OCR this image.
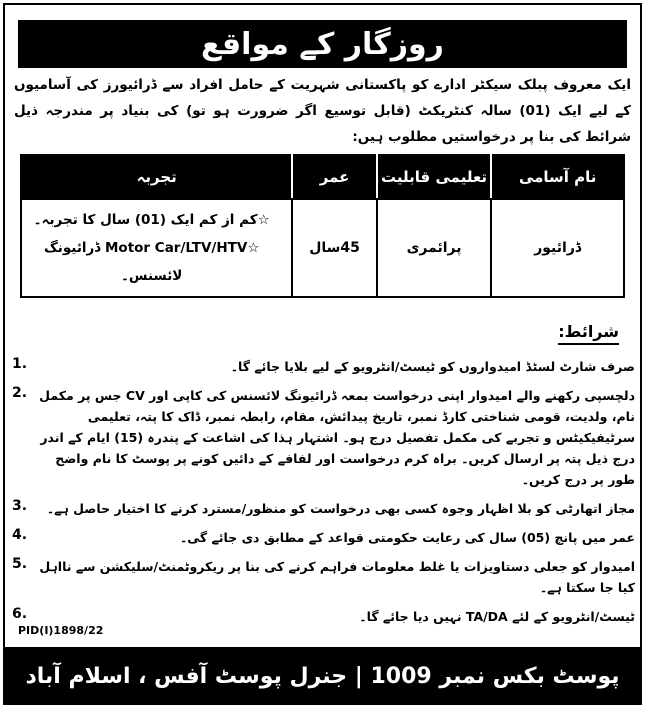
روزگار کے مواقع

ایک معروف پبلک سیکٹر ادارے کو پاکستانی شہریت کے حامل افراد سے ڈرائیورز کی آسامیوں کے لیے ایک (01) سالہ کنٹریکٹ (قابل توسیع اگر ضرورت ہو تو) کی بنیاد پر مندرجہ ذیل شرائط کی بنا پر درخواستیں مطلوب ہیں:

نام آسامی	تعلیمی قابلیت	عمر	تجربہ
ڈرائیور	پرائمری	45سال	☆کم از کم ایک (01) سال کا تجربہ۔
☆Motor Car/LTV/HTV ڈرائیونگ لائسنس۔
شرائط:
صرف شارٹ لسٹڈ امیدواروں کو ٹیسٹ/انٹرویو کے لیے بلایا جائے گا۔
1.
دلچسپی رکھنے والے امیدوار اپنی درخواست بمعہ ڈرائیونگ لائسنس کی کاپی اور CV جس پر مکمل نام، ولدیت، قومی شناختی کارڈ نمبر، تاریخ پیدائش، مقام، رابطہ نمبر، ڈاک کا پتہ، تعلیمی سرٹیفیکیٹس و تجربے کی مکمل تفصیل درج ہو۔ اشتہار ہذا کی اشاعت کے پندرہ (15) ایام کے اندر درج ذیل پتہ پر ارسال کریں۔ براہ کرم درخواست اور لفافے کے دائیں کونے پر پوسٹ کا نام واضح طور پر درج کریں۔
2.
مجاز اتھارٹی کو بلا اظہار وجوہ کسی بھی درخواست کو منظور/مسترد کرنے کا اختیار حاصل ہے۔
3.
عمر میں پانچ (05) سال کی رعایت حکومتی قواعد کے مطابق دی جائے گی۔
4.
امیدوار کو جعلی دستاویزات یا غلط معلومات فراہم کرنے کی بنا پر ریکروٹمنٹ/سلیکشن سے نااہل کیا جا سکتا ہے۔
5.
ٹیسٹ/انٹرویو کے لئے TA/DA نہیں دیا جائے گا۔
6.
PID(I)1898/22
پوسٹ بکس نمبر 1009 | جنرل پوسٹ آفس ، اسلام آباد
